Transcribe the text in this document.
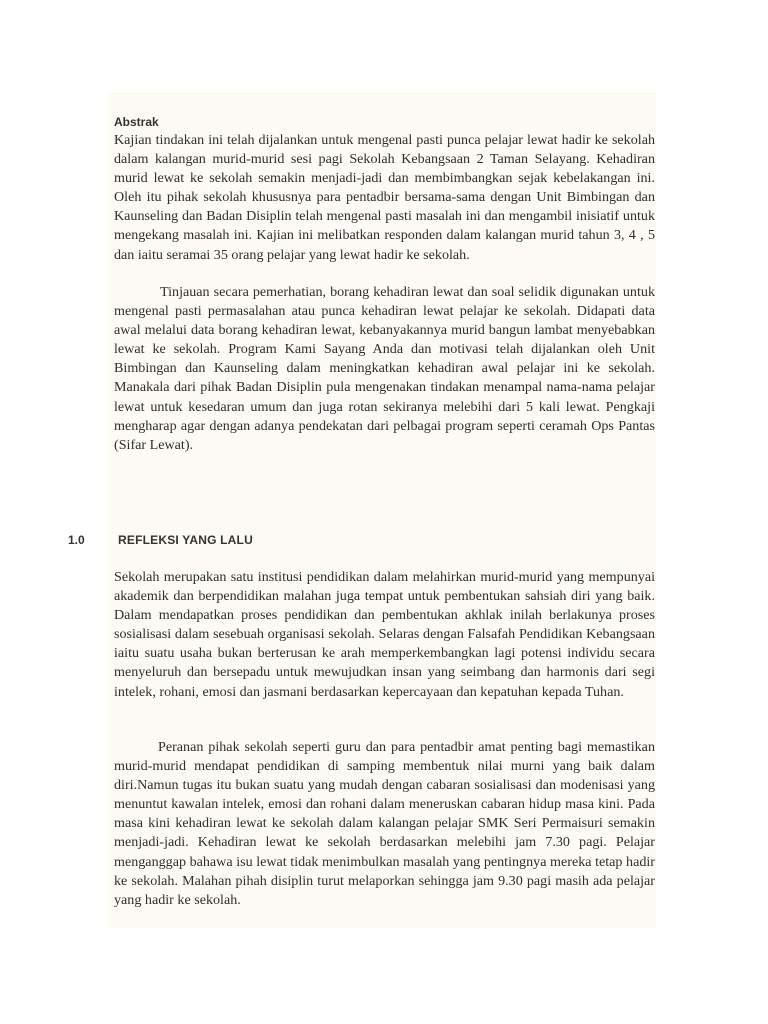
Abstrak

Kajian tindakan ini telah dijalankan untuk mengenal pasti punca pelajar lewat hadir ke sekolah dalam kalangan murid-murid sesi pagi Sekolah Kebangsaan 2 Taman Selayang. Kehadiran murid lewat ke sekolah semakin menjadi-jadi dan membimbangkan sejak kebelakangan ini. Oleh itu pihak sekolah khususnya para pentadbir bersama-sama dengan Unit Bimbingan dan Kaunseling dan Badan Disiplin telah mengenal pasti masalah ini dan mengambil inisiatif untuk mengekang masalah ini. Kajian ini melibatkan responden dalam kalangan murid tahun 3, 4 , 5 dan iaitu seramai 35 orang pelajar yang lewat hadir ke sekolah.

Tinjauan secara pemerhatian, borang kehadiran lewat dan soal selidik digunakan untuk mengenal pasti permasalahan atau punca kehadiran lewat pelajar ke sekolah. Didapati data awal melalui data borang kehadiran lewat, kebanyakannya murid bangun lambat menyebabkan lewat ke sekolah. Program Kami Sayang Anda dan motivasi telah dijalankan oleh Unit Bimbingan dan Kaunseling dalam meningkatkan kehadiran awal pelajar ini ke sekolah. Manakala dari pihak Badan Disiplin pula mengenakan tindakan menampal nama-nama pelajar lewat untuk kesedaran umum dan juga rotan sekiranya melebihi dari 5 kali lewat. Pengkaji mengharap agar dengan adanya pendekatan dari pelbagai program seperti ceramah Ops Pantas (Sifar Lewat).

1.0	REFLEKSI YANG LALU

Sekolah merupakan satu institusi pendidikan dalam melahirkan murid-murid yang mempunyai akademik dan berpendidikan malahan juga tempat untuk pembentukan sahsiah diri yang baik. Dalam mendapatkan proses pendidikan dan pembentukan akhlak inilah berlakunya proses sosialisasi dalam sesebuah organisasi sekolah. Selaras dengan Falsafah Pendidikan Kebangsaan iaitu suatu usaha bukan berterusan ke arah memperkembangkan lagi potensi individu secara menyeluruh dan bersepadu untuk mewujudkan insan yang seimbang dan harmonis dari segi intelek, rohani, emosi dan jasmani berdasarkan kepercayaan dan kepatuhan kepada Tuhan.

Peranan pihak sekolah seperti guru dan para pentadbir amat penting bagi memastikan murid-murid mendapat pendidikan di samping membentuk nilai murni yang baik dalam diri.Namun tugas itu bukan suatu yang mudah dengan cabaran sosialisasi dan modenisasi yang menuntut kawalan intelek, emosi dan rohani dalam meneruskan cabaran hidup masa kini. Pada masa kini kehadiran lewat ke sekolah dalam kalangan pelajar SMK Seri Permaisuri semakin menjadi-jadi. Kehadiran lewat ke sekolah berdasarkan melebihi jam 7.30 pagi. Pelajar menganggap bahawa isu lewat tidak menimbulkan masalah yang pentingnya mereka tetap hadir ke sekolah. Malahan pihah disiplin turut melaporkan sehingga jam 9.30 pagi masih ada pelajar yang hadir ke sekolah.
